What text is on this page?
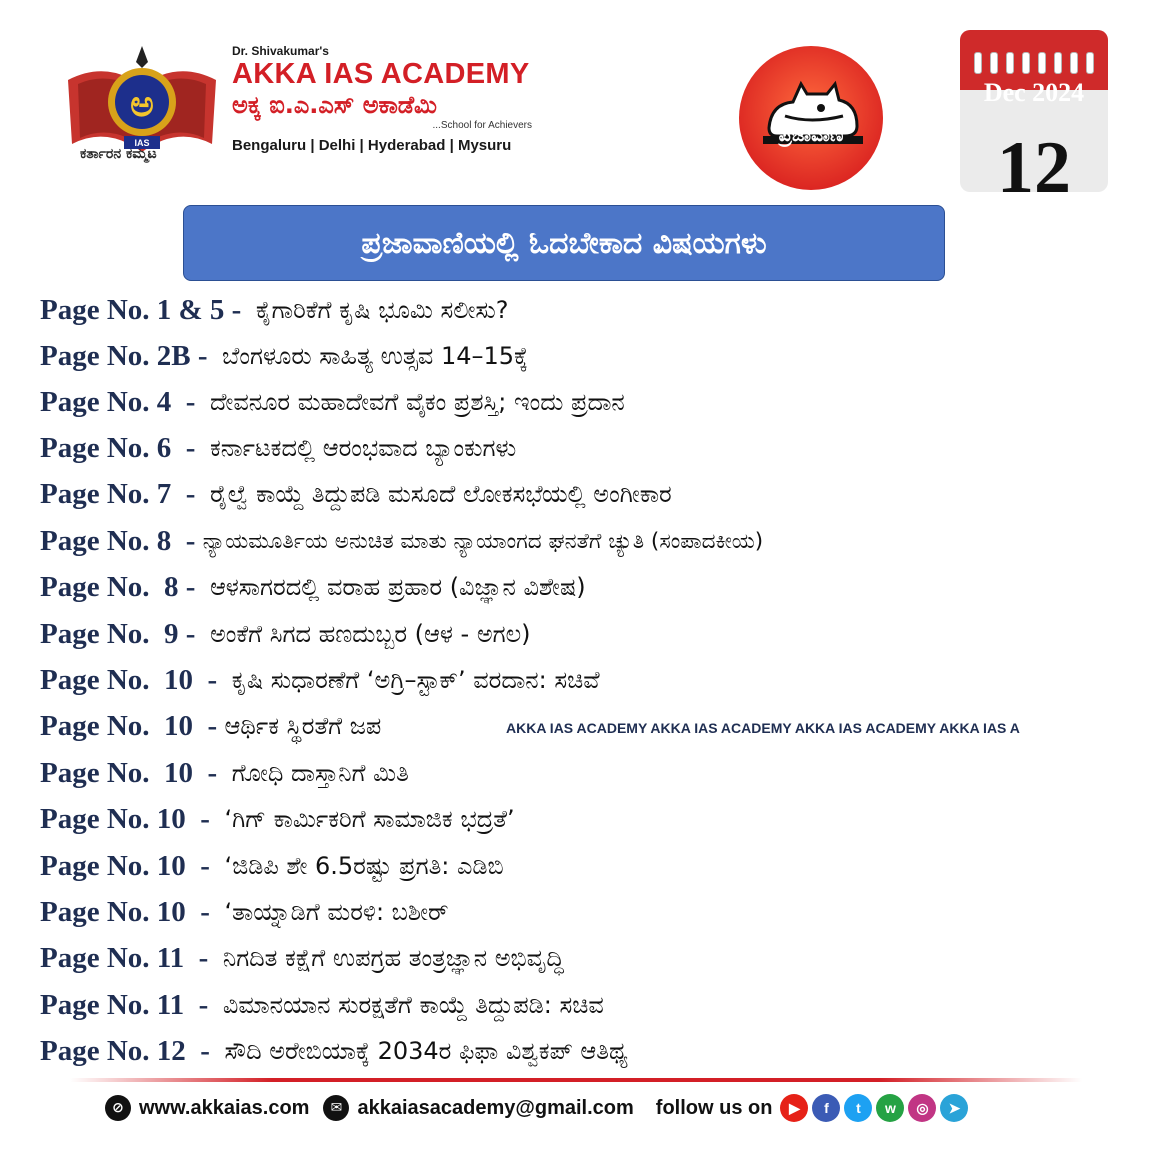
ಅ
IAS
ಕರ್ತಾರನ ಕಮ್ಮಟ
Dr. Shivakumar's
AKKA IAS ACADEMY
ಅಕ್ಕ ಐ.ಎ.ಎಸ್ ಅಕಾಡೆಮಿ
...School for Achievers
Bengaluru | Delhi | Hyderabad | Mysuru	ಪ್ರಜಾವಾಣಿ
Dec 2024
12
ಪ್ರಜಾವಾಣಿಯಲ್ಲಿ ಓದಬೇಕಾದ ವಿಷಯಗಳು
Page No. 1 & 5 - ಕೈಗಾರಿಕೆಗೆ ಕೃಷಿ ಭೂಮಿ ಸಲೀಸು?
Page No. 2B - ಬೆಂಗಳೂರು ಸಾಹಿತ್ಯ ಉತ್ಸವ 14–15ಕ್ಕೆ
Page No. 4  - ದೇವನೂರ ಮಹಾದೇವಗೆ ವೈಕಂ ಪ್ರಶಸ್ತಿ; ಇಂದು ಪ್ರದಾನ
Page No. 6  - ಕರ್ನಾಟಕದಲ್ಲಿ ಆರಂಭವಾದ ಬ್ಯಾಂಕುಗಳು
Page No. 7  - ರೈಲ್ವೆ ಕಾಯ್ದೆ ತಿದ್ದುಪಡಿ ಮಸೂದೆ ಲೋಕಸಭೆಯಲ್ಲಿ ಅಂಗೀಕಾರ
Page No. 8  - ನ್ಯಾಯಮೂರ್ತಿಯ ಅನುಚಿತ ಮಾತು ನ್ಯಾಯಾಂಗದ ಘನತೆಗೆ ಚ್ಯುತಿ (ಸಂಪಾದಕೀಯ)
Page No.  8 - ಆಳಸಾಗರದಲ್ಲಿ ವರಾಹ ಪ್ರಹಾರ (ವಿಜ್ಞಾನ ವಿಶೇಷ)
Page No.  9 - ಅಂಕೆಗೆ ಸಿಗದ ಹಣದುಬ್ಬರ (ಆಳ - ಅಗಲ)
Page No.  10  - ಕೃಷಿ ಸುಧಾರಣೆಗೆ ‘ಅಗ್ರಿ–ಸ್ಟಾಕ್’ ವರದಾನ: ಸಚಿವೆ
Page No.  10  - ಆರ್ಥಿಕ ಸ್ಥಿರತೆಗೆ ಜಪ
Page No.  10  - ಗೋಧಿ ದಾಸ್ತಾನಿಗೆ ಮಿತಿ
Page No. 10  - ‘ಗಿಗ್ ಕಾರ್ಮಿಕರಿಗೆ ಸಾಮಾಜಿಕ ಭದ್ರತೆ’
Page No. 10  - ‘ಜಿಡಿಪಿ ಶೇ 6.5ರಷ್ಟು ಪ್ರಗತಿ: ಎಡಿಬಿ
Page No. 10  - ‘ತಾಯ್ನಾಡಿಗೆ ಮರಳಿ: ಬಶೀರ್
Page No. 11  - ನಿಗದಿತ ಕಕ್ಷೆಗೆ ಉಪಗ್ರಹ ತಂತ್ರಜ್ಞಾನ ಅಭಿವೃದ್ಧಿ
Page No. 11  - ವಿಮಾನಯಾನ ಸುರಕ್ಷತೆಗೆ ಕಾಯ್ದೆ ತಿದ್ದುಪಡಿ: ಸಚಿವ
Page No. 12  - ಸೌದಿ ಅರೇಬಿಯಾಕ್ಕೆ 2034ರ ಫಿಫಾ ವಿಶ್ವಕಪ್ ಆತಿಥ್ಯ
AKKA IAS ACADEMY AKKA IAS ACADEMY AKKA IAS ACADEMY AKKA IAS A
⊘ www.akkaias.com	✉ akkaiasacademy@gmail.com follow us on	▶	f	t	w	◎	➤
